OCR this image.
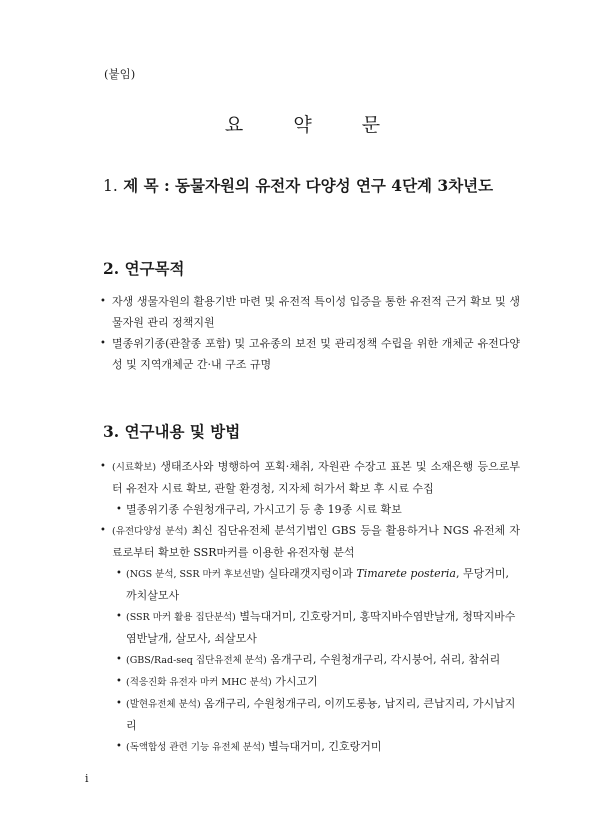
(붙임)
요 약 문
1. 제 목 : 동물자원의 유전자 다양성 연구 4단계 3차년도
2. 연구목적
• 자생 생물자원의 활용기반 마련 및 유전적 특이성 입증을 통한 유전적 근거 확보 및 생물자원 관리 정책지원
• 멸종위기종(관찰종 포함) 및 고유종의 보전 및 관리정책 수립을 위한 개체군 유전다양성 및 지역개체군 간·내 구조 규명
3. 연구내용 및 방법
• (시료확보) 생태조사와 병행하여 포획·채취, 자원관 수장고 표본 및 소재은행 등으로부터 유전자 시료 확보, 관할 환경청, 지자체 허가서 확보 후 시료 수집
• 멸종위기종 수원청개구리, 가시고기 등 총 19종 시료 확보
• (유전다양성 분석) 최신 집단유전체 분석기법인 GBS 등을 활용하거나 NGS 유전체 자료로부터 확보한 SSR마커를 이용한 유전자형 분석
• (NGS 분석, SSR 마커 후보선발) 실타래갯지렁이과 Timarete posteria, 무당거미, 까치살모사
• (SSR 마커 활용 집단분석) 별늑대거미, 긴호랑거미, 홍딱지바수염반날개, 청딱지바수염반날개, 살모사, 쇠살모사
• (GBS/Rad-seq 집단유전체 분석) 옴개구리, 수원청개구리, 각시붕어, 쉬리, 참쉬리
• (적응진화 유전자 마커 MHC 분석) 가시고기
• (발현유전체 분석) 옴개구리, 수원청개구리, 이끼도롱뇽, 납지리, 큰납지리, 가시납지리
• (독액합성 관련 기능 유전체 분석) 별늑대거미, 긴호랑거미
i
